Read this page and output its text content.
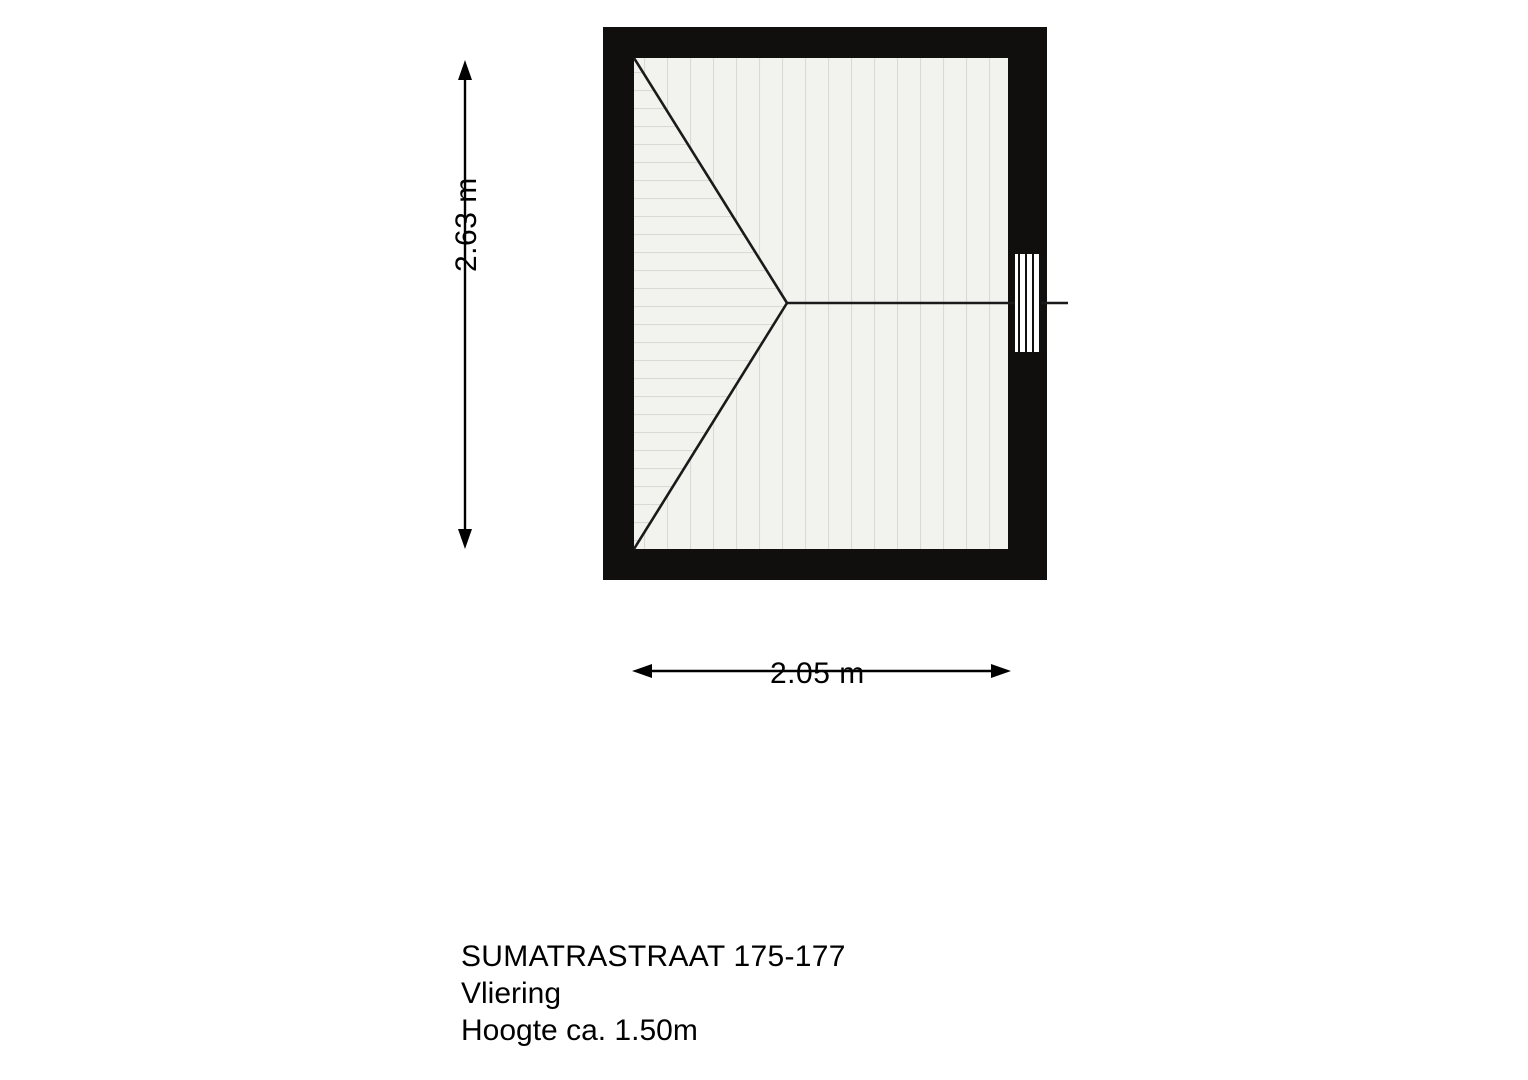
2.63 m
2.05 m
SUMATRASTRAAT 175-177
Vliering
Hoogte ca. 1.50m
